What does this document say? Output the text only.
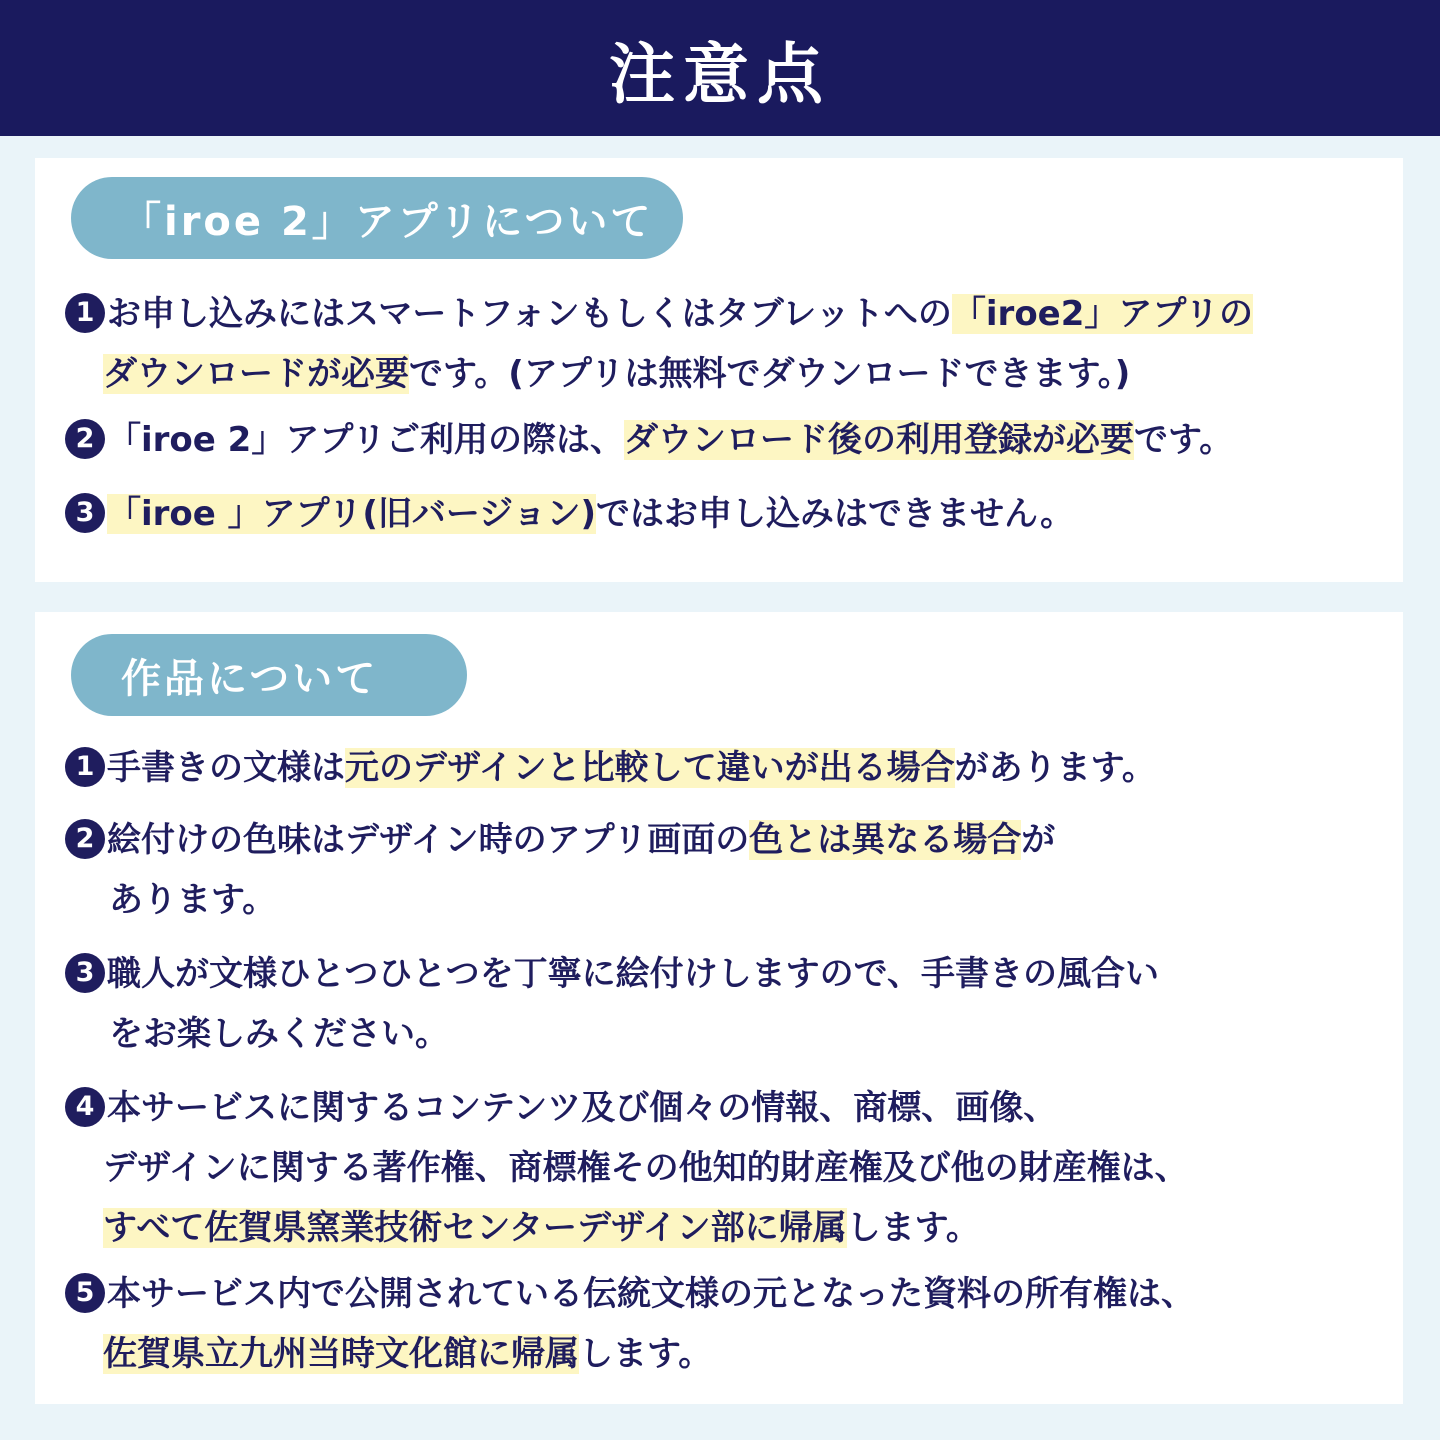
注意点
「iroe 2」アプリについて
1 お申し込みにはスマートフォンもしくはタブレットへの「iroe2」アプリの
ダウンロードが必要です。(アプリは無料でダウンロードできます。)
2 「iroe 2」アプリご利用の際は、ダウンロード後の利用登録が必要です。
3 「iroe 」アプリ(旧バージョン)ではお申し込みはできません。
作品について
1 手書きの文様は元のデザインと比較して違いが出る場合があります。
2 絵付けの色味はデザイン時のアプリ画面の色とは異なる場合が
あります。
3 職人が文様ひとつひとつを丁寧に絵付けしますので、手書きの風合い
をお楽しみください。
4 本サービスに関するコンテンツ及び個々の情報、商標、画像、
デザインに関する著作権、商標権その他知的財産権及び他の財産権は、
すべて佐賀県窯業技術センターデザイン部に帰属します。
5 本サービス内で公開されている伝統文様の元となった資料の所有権は、
佐賀県立九州当時文化館に帰属します。
